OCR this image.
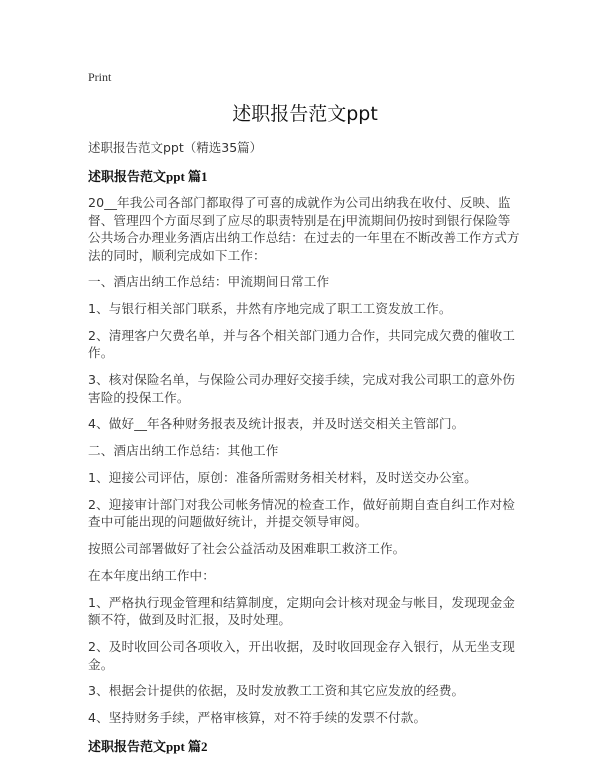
Print
述职报告范文ppt
述职报告范文ppt（精选35篇）
述职报告范文ppt 篇1
20__年我公司各部门都取得了可喜的成就作为公司出纳我在收付、反映、监督、管理四个方面尽到了应尽的职责特别是在j甲流期间仍按时到银行保险等公共场合办理业务酒店出纳工作总结：在过去的一年里在不断改善工作方式方法的同时，顺利完成如下工作：
一、酒店出纳工作总结：甲流期间日常工作
1、与银行相关部门联系，井然有序地完成了职工工资发放工作。
2、清理客户欠费名单，并与各个相关部门通力合作，共同完成欠费的催收工作。
3、核对保险名单，与保险公司办理好交接手续，完成对我公司职工的意外伤害险的投保工作。
4、做好__年各种财务报表及统计报表，并及时送交相关主管部门。
二、酒店出纳工作总结：其他工作
1、迎接公司评估，原创：准备所需财务相关材料，及时送交办公室。
2、迎接审计部门对我公司帐务情况的检查工作，做好前期自查自纠工作对检查中可能出现的问题做好统计，并提交领导审阅。
按照公司部署做好了社会公益活动及困难职工救济工作。
在本年度出纳工作中：
1、严格执行现金管理和结算制度，定期向会计核对现金与帐目，发现现金金额不符，做到及时汇报，及时处理。
2、及时收回公司各项收入，开出收据，及时收回现金存入银行，从无坐支现金。
3、根据会计提供的依据，及时发放教工工资和其它应发放的经费。
4、坚持财务手续，严格审核算，对不符手续的发票不付款。
述职报告范文ppt 篇2
